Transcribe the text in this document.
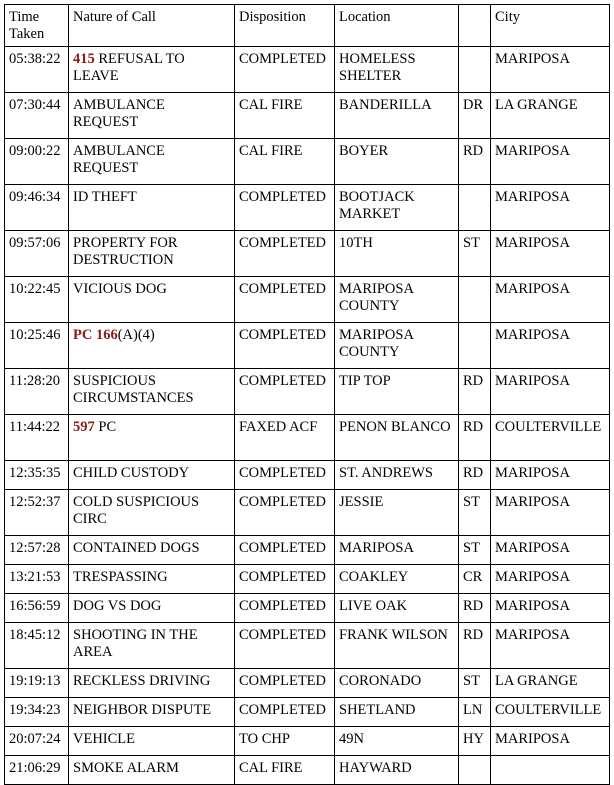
Time Taken	Nature of Call	Disposition	Location		City
05:38:22	415 REFUSAL TO LEAVE	COMPLETED	HOMELESS SHELTER		MARIPOSA
07:30:44	AMBULANCE REQUEST	CAL FIRE	BANDERILLA	DR	LA GRANGE
09:00:22	AMBULANCE REQUEST	CAL FIRE	BOYER	RD	MARIPOSA
09:46:34	ID THEFT	COMPLETED	BOOTJACK MARKET		MARIPOSA
09:57:06	PROPERTY FOR DESTRUCTION	COMPLETED	10TH	ST	MARIPOSA
10:22:45	VICIOUS DOG	COMPLETED	MARIPOSA COUNTY		MARIPOSA
10:25:46	PC 166(A)(4)	COMPLETED	MARIPOSA COUNTY		MARIPOSA
11:28:20	SUSPICIOUS CIRCUMSTANCES	COMPLETED	TIP TOP	RD	MARIPOSA
11:44:22	597 PC	FAXED ACF	PENON BLANCO	RD	COULTERVILLE
12:35:35	CHILD CUSTODY	COMPLETED	ST. ANDREWS	RD	MARIPOSA
12:52:37	COLD SUSPICIOUS CIRC	COMPLETED	JESSIE	ST	MARIPOSA
12:57:28	CONTAINED DOGS	COMPLETED	MARIPOSA	ST	MARIPOSA
13:21:53	TRESPASSING	COMPLETED	COAKLEY	CR	MARIPOSA
16:56:59	DOG VS DOG	COMPLETED	LIVE OAK	RD	MARIPOSA
18:45:12	SHOOTING IN THE AREA	COMPLETED	FRANK WILSON	RD	MARIPOSA
19:19:13	RECKLESS DRIVING	COMPLETED	CORONADO	ST	LA GRANGE
19:34:23	NEIGHBOR DISPUTE	COMPLETED	SHETLAND	LN	COULTERVILLE
20:07:24	VEHICLE	TO CHP	49N	HY	MARIPOSA
21:06:29	SMOKE ALARM	CAL FIRE	HAYWARD		
